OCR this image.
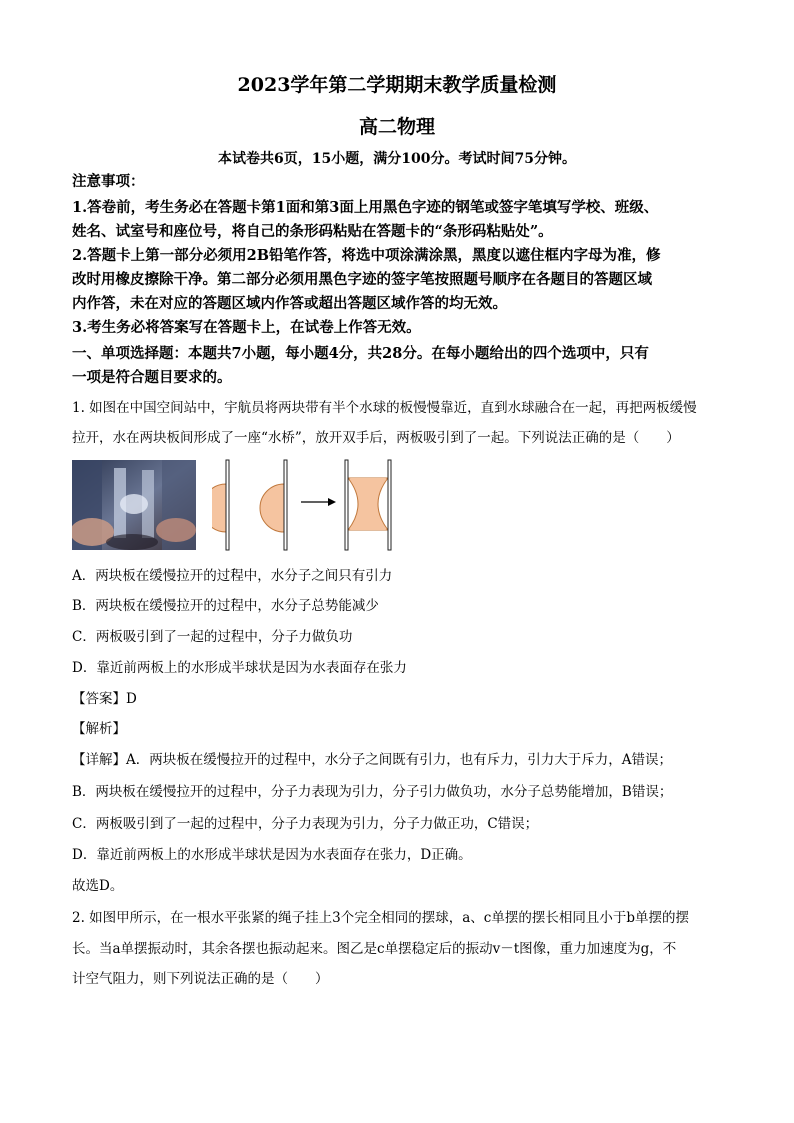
2023学年第二学期期末教学质量检测
高二物理
本试卷共6页，15小题，满分100分。考试时间75分钟。
注意事项：
1.答卷前，考生务必在答题卡第1面和第3面上用黑色字迹的钢笔或签字笔填写学校、班级、
姓名、试室号和座位号，将自己的条形码粘贴在答题卡的“条形码粘贴处”。
2.答题卡上第一部分必须用2B铅笔作答，将选中项涂满涂黑，黑度以遮住框内字母为准，修
改时用橡皮擦除干净。第二部分必须用黑色字迹的签字笔按照题号顺序在各题目的答题区域
内作答，未在对应的答题区域内作答或超出答题区域作答的均无效。
3.考生务必将答案写在答题卡上，在试卷上作答无效。
一、单项选择题：本题共7小题，每小题4分，共28分。在每小题给出的四个选项中，只有
一项是符合题目要求的。
1. 如图在中国空间站中，宇航员将两块带有半个水球的板慢慢靠近，直到水球融合在一起，再把两板缓慢
拉开，水在两块板间形成了一座“水桥”，放开双手后，两板吸引到了一起。下列说法正确的是（　　）
A．两块板在缓慢拉开的过程中，水分子之间只有引力
B．两块板在缓慢拉开的过程中，水分子总势能减少
C．两板吸引到了一起的过程中，分子力做负功
D．靠近前两板上的水形成半球状是因为水表面存在张力
【答案】D
【解析】
【详解】A．两块板在缓慢拉开的过程中，水分子之间既有引力，也有斥力，引力大于斥力，A错误；
B．两块板在缓慢拉开的过程中，分子力表现为引力，分子引力做负功，水分子总势能增加，B错误；
C．两板吸引到了一起的过程中，分子力表现为引力，分子力做正功，C错误；
D．靠近前两板上的水形成半球状是因为水表面存在张力，D正确。
故选D。
2. 如图甲所示，在一根水平张紧的绳子挂上3个完全相同的摆球，a、c单摆的摆长相同且小于b单摆的摆
长。当a单摆振动时，其余各摆也振动起来。图乙是c单摆稳定后的振动v－t图像，重力加速度为g，不
计空气阻力，则下列说法正确的是（　　）
